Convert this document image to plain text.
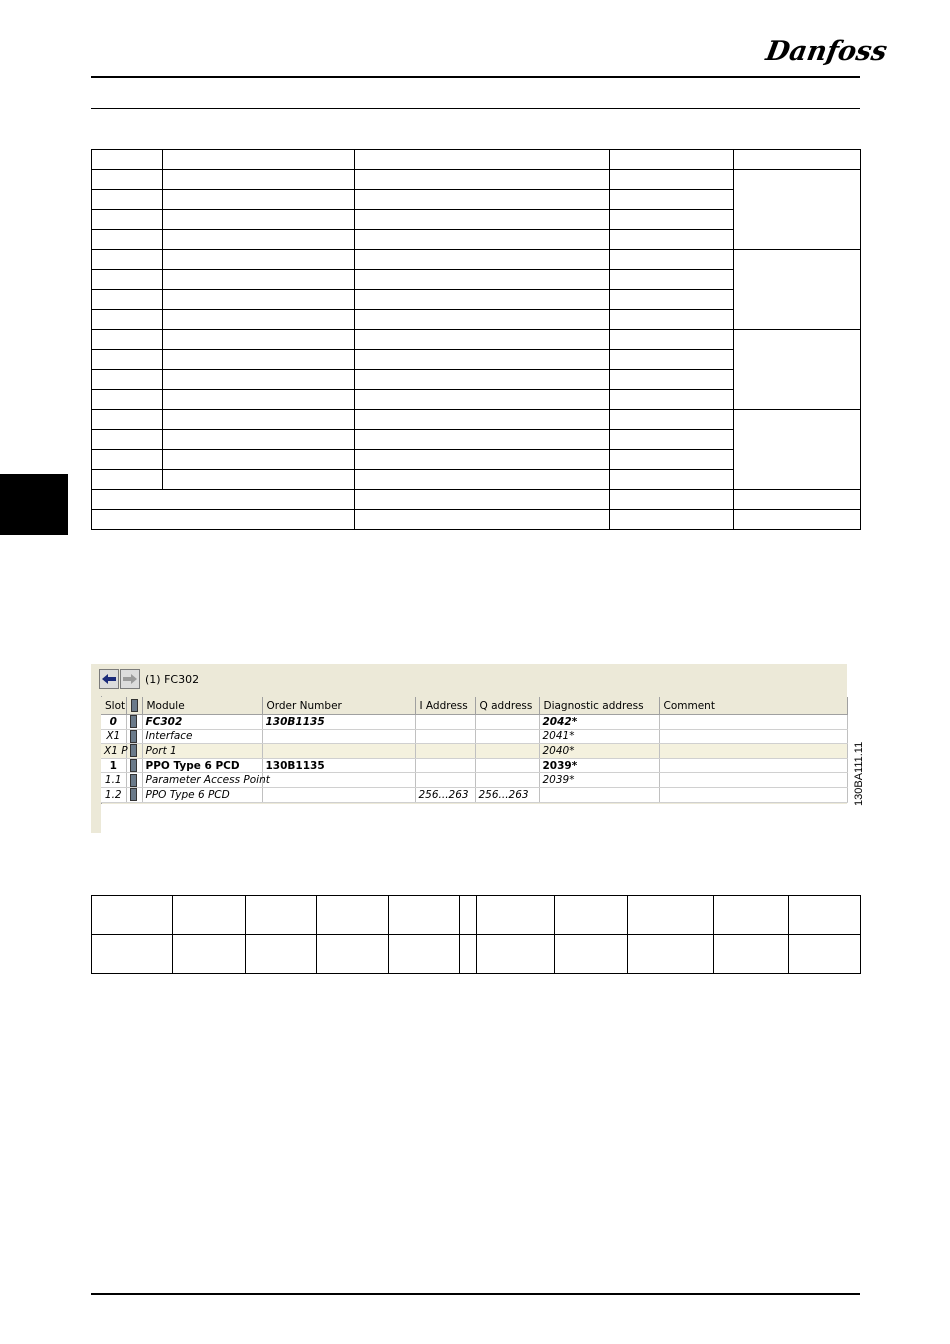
Danfoss

(1) FC302
Slot		Module	Order Number	I Address	Q address	Diagnostic address	Comment
0		FC302	130B1135			2042*	
X1		Interface				2041*	
X1 P		Port 1				2040*	
1		PPO Type 6 PCD	130B1135			2039*	
1.1		Parameter Access Point				2039*	
1.2		PPO Type 6 PCD		256...263	256...263			130BA111.11
